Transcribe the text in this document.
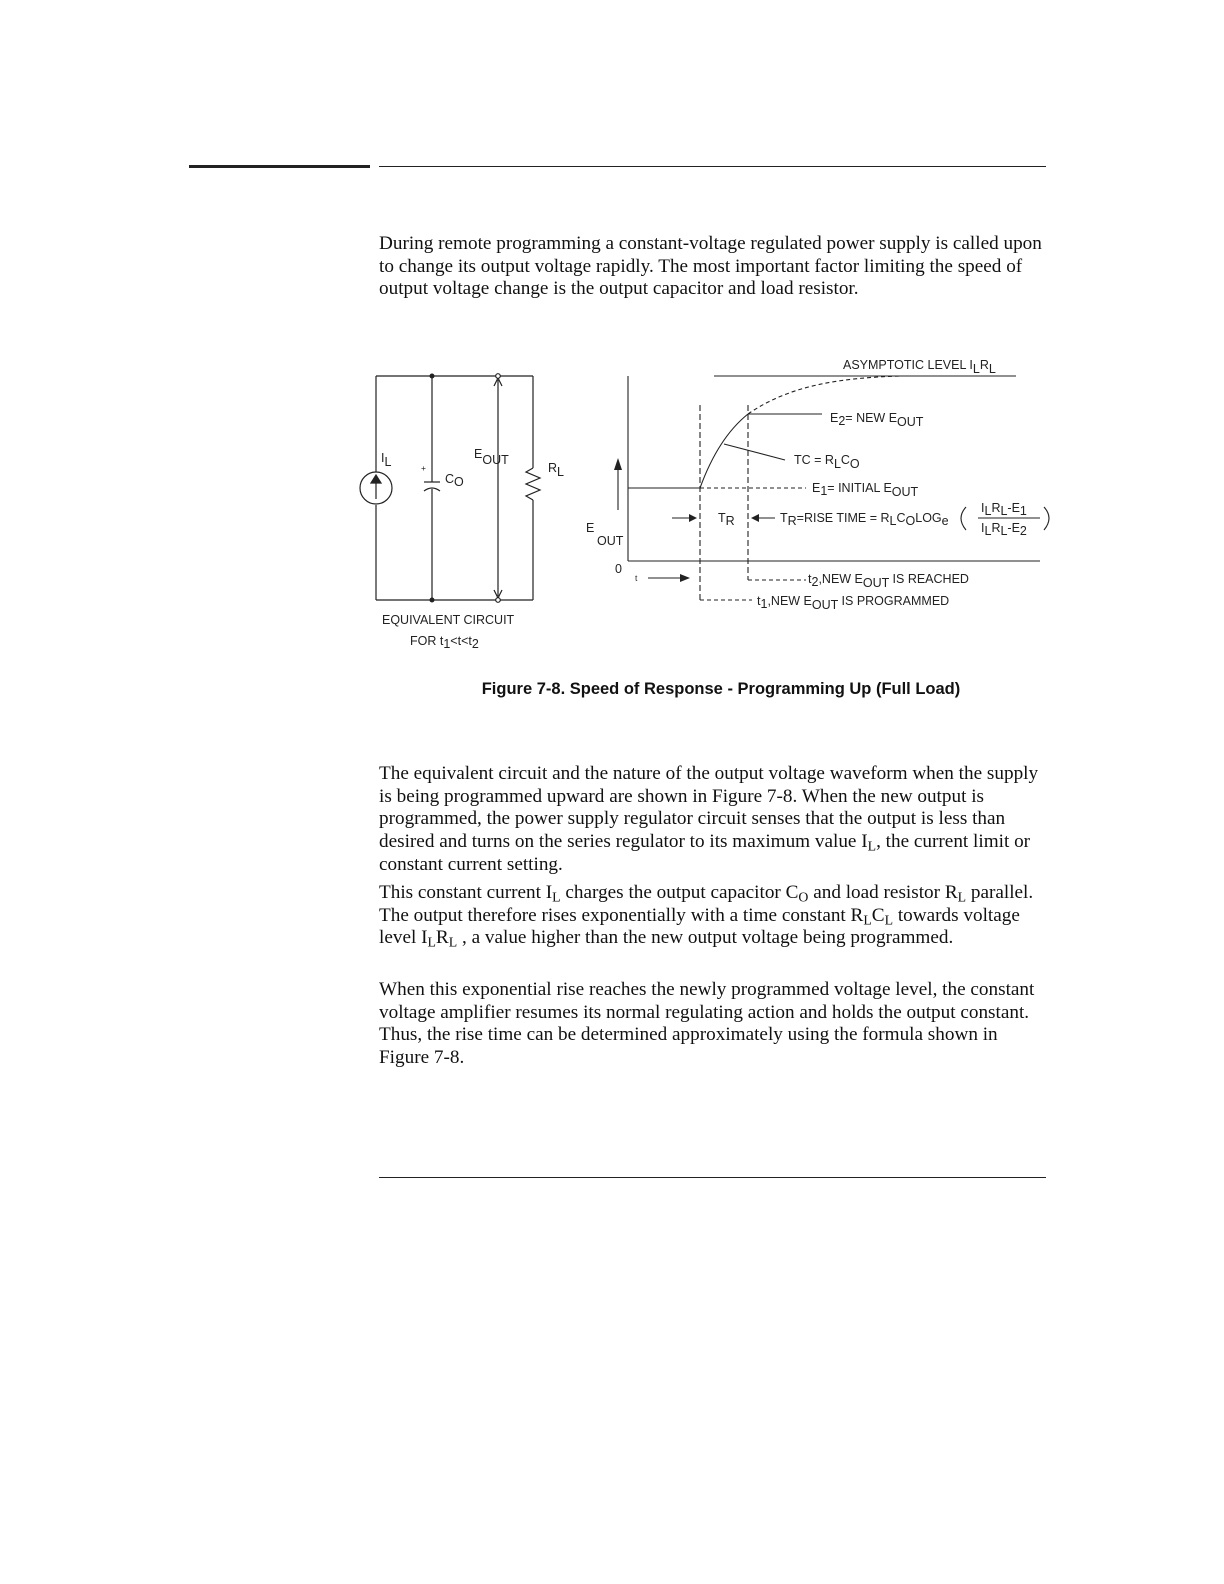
During remote programming a constant-voltage regulated power supply is called upon to change its output voltage rapidly. The most important factor limiting the speed of output voltage change is the output capacitor and load resistor.

IL	+
CO
EOUT
RL
EQUIVALENT CIRCUIT
FOR t1<t<t2
ASYMPTOTIC LEVEL ILRL
E2= NEW EOUT
TC = RLCO
E1= INITIAL EOUT
TR	TR=RISE TIME = RLCOLOGe
ILRL-E1
ILRL-E2
EOUT
0
t	t2,NEW EOUT IS REACHED
t1,NEW EOUT IS PROGRAMMED
Figure 7-8. Speed of Response - Programming Up (Full Load)

The equivalent circuit and the nature of the output voltage waveform when the supply is being programmed upward are shown in Figure 7-8. When the new output is programmed, the power supply regulator circuit senses that the output is less than desired and turns on the series regulator to its maximum value $I_L$, the current limit or constant current setting.

This constant current $I_L$ charges the output capacitor $C_O$ and load resistor $R_L$ parallel. The output therefore rises exponentially with a time constant $R_LC_L$ towards voltage level $I_LR_L$ , a value higher than the new output voltage being programmed.

When this exponential rise reaches the newly programmed voltage level, the constant voltage amplifier resumes its normal regulating action and holds the output constant. Thus, the rise time can be determined approximately using the formula shown in Figure 7-8.
